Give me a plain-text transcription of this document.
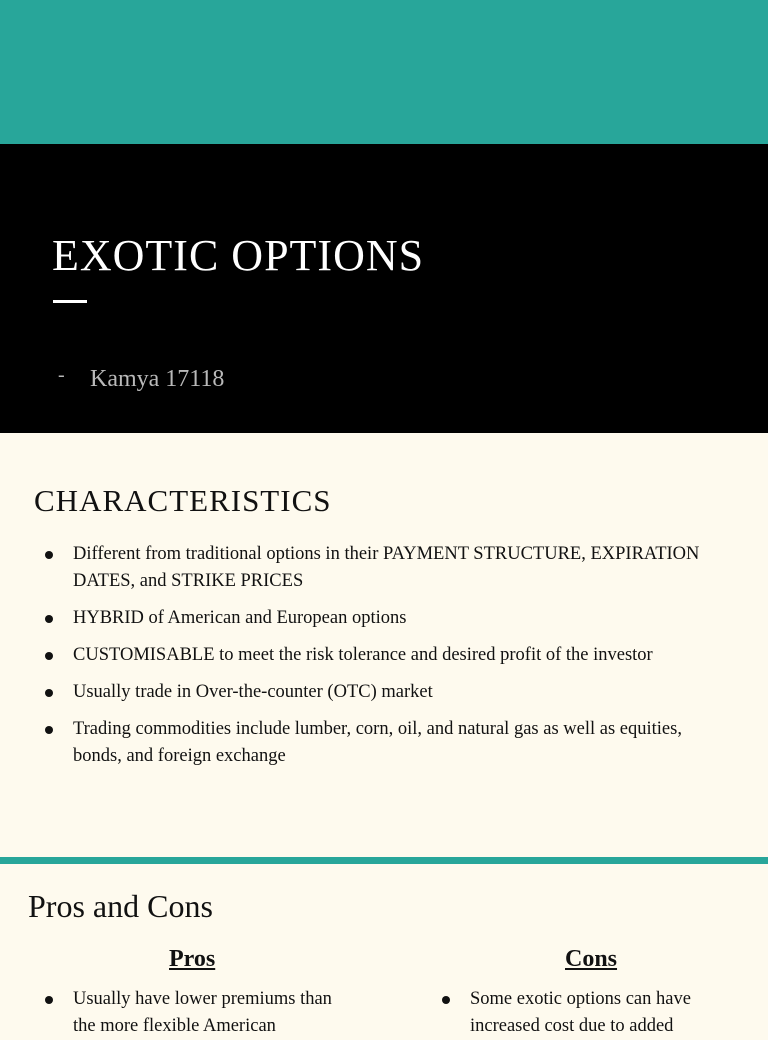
EXOTIC OPTIONS
- Kamya 17118
CHARACTERISTICS
Different from traditional options in their PAYMENT STRUCTURE, EXPIRATION DATES, and STRIKE PRICES
HYBRID of American and European options
CUSTOMISABLE to meet the risk tolerance and desired profit of the investor
Usually trade in Over-the-counter (OTC) market
Trading commodities include lumber, corn, oil, and natural gas as well as equities, bonds, and foreign exchange
Pros and Cons
Pros	Cons
Usually have lower premiums than the more flexible American
Some exotic options can have increased cost due to added
